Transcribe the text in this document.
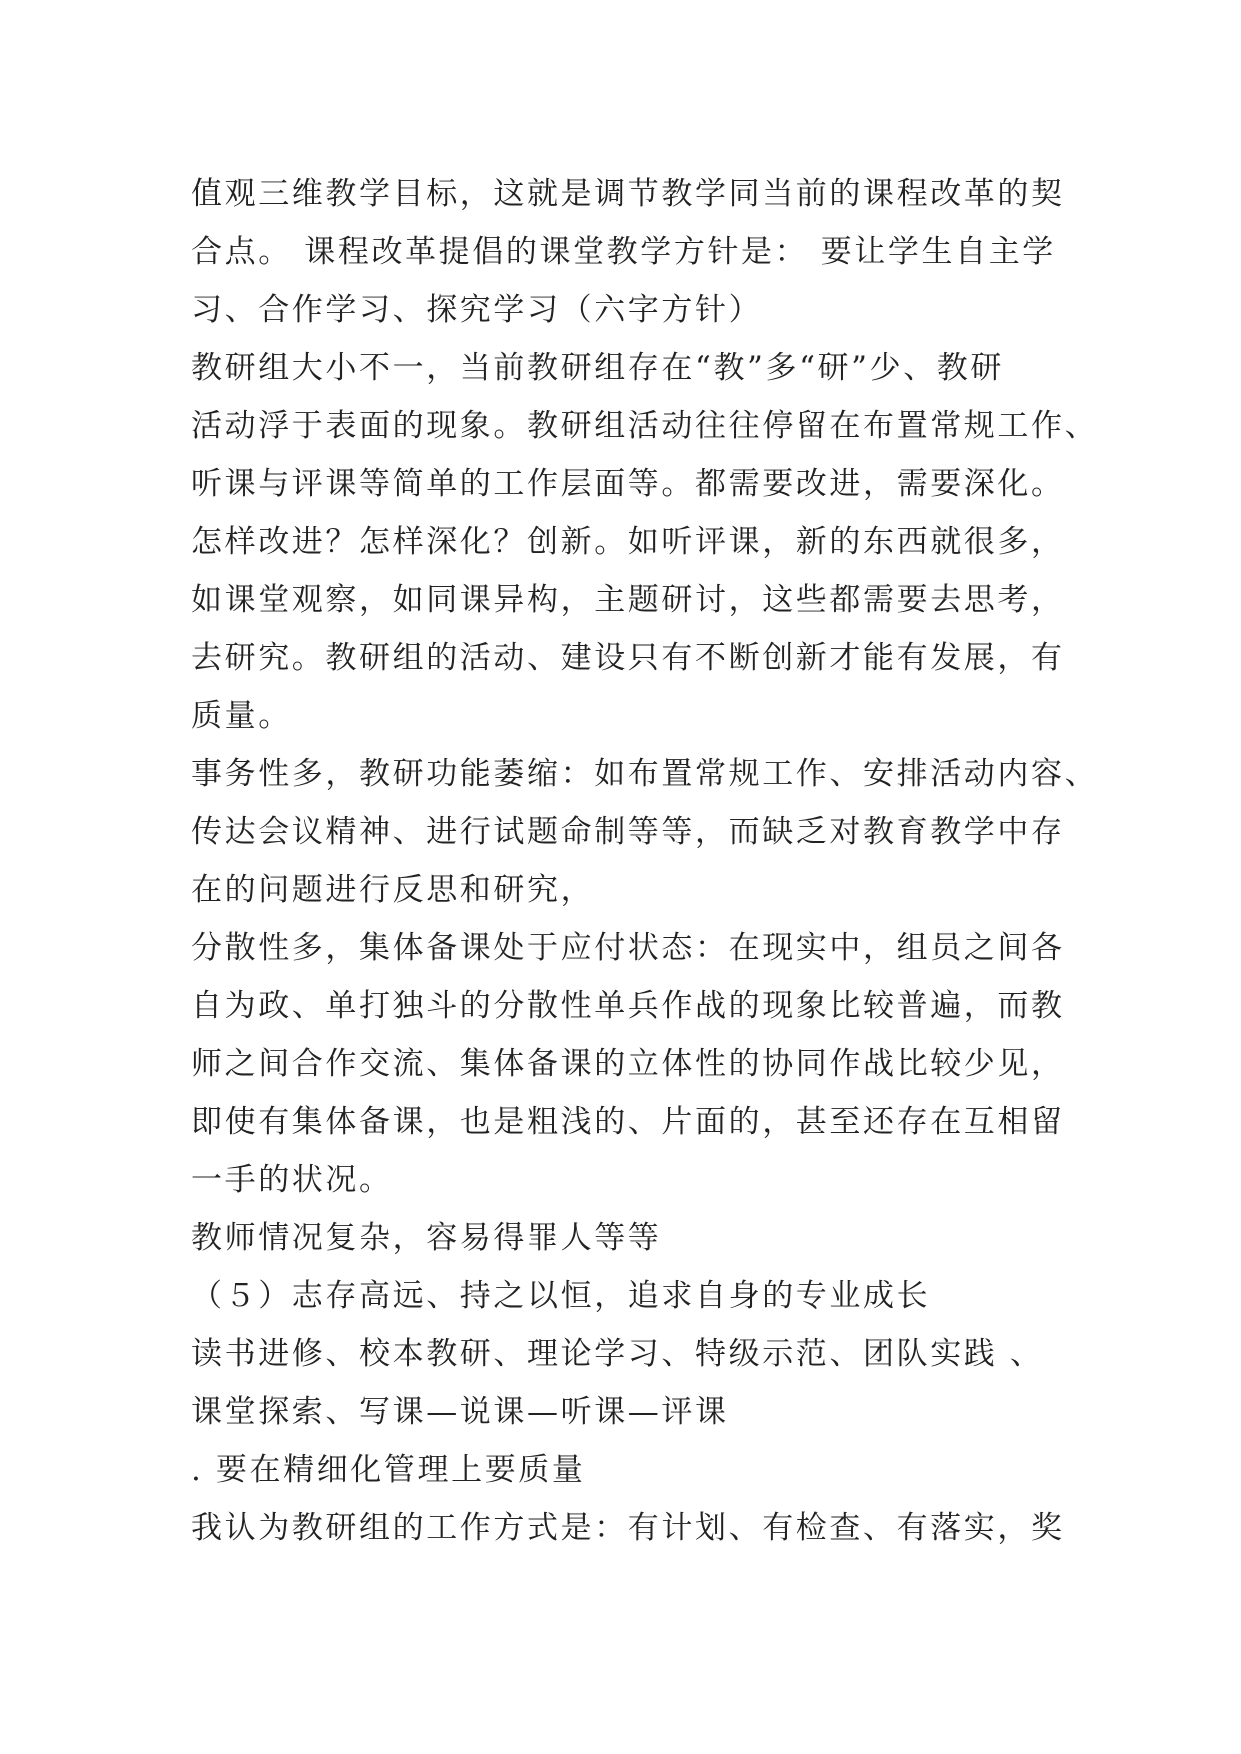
值观三维教学目标，这就是调节教学同当前的课程改革的契
合点。 课程改革提倡的课堂教学方针是： 要让学生自主学
习、合作学习、探究学习（六字方针）
教研组大小不一，当前教研组存在“教”多“研”少、教研
活动浮于表面的现象。教研组活动往往停留在布置常规工作、
听课与评课等简单的工作层面等。都需要改进，需要深化。
怎样改进？怎样深化？创新。如听评课，新的东西就很多，
如课堂观察，如同课异构，主题研讨，这些都需要去思考，
去研究。教研组的活动、建设只有不断创新才能有发展，有
质量。
事务性多，教研功能萎缩：如布置常规工作、安排活动内容、
传达会议精神、进行试题命制等等，而缺乏对教育教学中存
在的问题进行反思和研究，
分散性多，集体备课处于应付状态：在现实中，组员之间各
自为政、单打独斗的分散性单兵作战的现象比较普遍，而教
师之间合作交流、集体备课的立体性的协同作战比较少见，
即使有集体备课，也是粗浅的、片面的，甚至还存在互相留
一手的状况。
教师情况复杂，容易得罪人等等
（５）志存高远、持之以恒，追求自身的专业成长
读书进修、校本教研、理论学习、特级示范、团队实践 、
课堂探索、写课—说课—听课—评课
. 要在精细化管理上要质量
我认为教研组的工作方式是：有计划、有检查、有落实，奖
